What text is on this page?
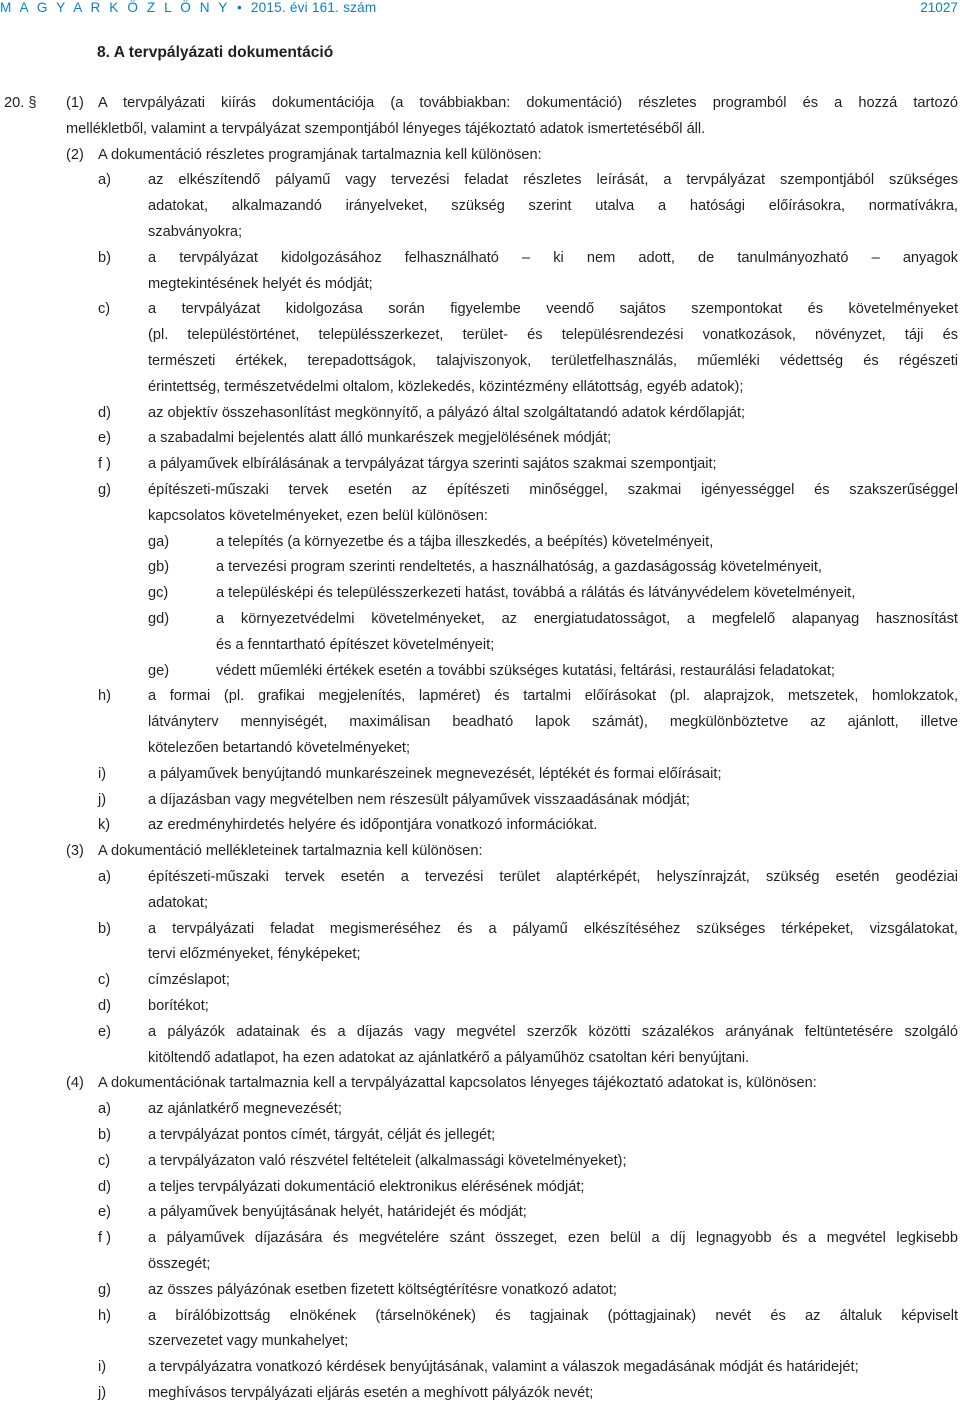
M A G Y A R K Ö Z L Ö N Y • 2015. évi 161. szám	21027
8. A tervpályázati dokumentáció
20. § (1) A tervpályázati kiírás dokumentációja (a továbbiakban: dokumentáció) részletes programból és a hozzá tartozó
mellékletből, valamint a tervpályázat szempontjából lényeges tájékoztató adatok ismertetéséből áll.
(2) A dokumentáció részletes programjának tartalmaznia kell különösen:
a)	az elkészítendő pályamű vagy tervezési feladat részletes leírását, a tervpályázat szempontjából szükséges
adatokat, alkalmazandó irányelveket, szükség szerint utalva a hatósági előírásokra, normatívákra,
szabványokra;
b)	a tervpályázat kidolgozásához felhasználható – ki nem adott, de tanulmányozható – anyagok
megtekintésének helyét és módját;
c)	a tervpályázat kidolgozása során figyelembe veendő sajátos szempontokat és követelményeket
(pl. településtörténet, településszerkezet, terület- és településrendezési vonatkozások, növényzet, táji és
természeti értékek, terepadottságok, talajviszonyok, területfelhasználás, műemléki védettség és régészeti
érintettség, természetvédelmi oltalom, közlekedés, közintézmény ellátottság, egyéb adatok);
d)	az objektív összehasonlítást megkönnyítő, a pályázó által szolgáltatandó adatok kérdőlapját;
e)	a szabadalmi bejelentés alatt álló munkarészek megjelölésének módját;
f )	a pályaművek elbírálásának a tervpályázat tárgya szerinti sajátos szakmai szempontjait;
g)	építészeti-műszaki tervek esetén az építészeti minőséggel, szakmai igényességgel és szakszerűséggel
kapcsolatos követelményeket, ezen belül különösen:
ga)	a telepítés (a környezetbe és a tájba illeszkedés, a beépítés) követelményeit,
gb)	a tervezési program szerinti rendeltetés, a használhatóság, a gazdaságosság követelményeit,
gc)	a településképi és településszerkezeti hatást, továbbá a rálátás és látványvédelem követelményeit,
gd)	a környezetvédelmi követelményeket, az energiatudatosságot, a megfelelő alapanyag hasznosítást
és a fenntartható építészet követelményeit;
ge)	védett műemléki értékek esetén a további szükséges kutatási, feltárási, restaurálási feladatokat;
h)	a formai (pl. grafikai megjelenítés, lapméret) és tartalmi előírásokat (pl. alaprajzok, metszetek, homlokzatok,
látványterv mennyiségét, maximálisan beadható lapok számát), megkülönböztetve az ajánlott, illetve
kötelezően betartandó követelményeket;
i)	a pályaművek benyújtandó munkarészeinek megnevezését, léptékét és formai előírásait;
j)	a díjazásban vagy megvételben nem részesült pályaművek visszaadásának módját;
k)	az eredményhirdetés helyére és időpontjára vonatkozó információkat.
(3) A dokumentáció mellékleteinek tartalmaznia kell különösen:
a)	építészeti-műszaki tervek esetén a tervezési terület alaptérképét, helyszínrajzát, szükség esetén geodéziai
adatokat;
b)	a tervpályázati feladat megismeréséhez és a pályamű elkészítéséhez szükséges térképeket, vizsgálatokat,
tervi előzményeket, fényképeket;
c)	címzéslapot;
d)	borítékot;
e)	a pályázók adatainak és a díjazás vagy megvétel szerzők közötti százalékos arányának feltüntetésére szolgáló
kitöltendő adatlapot, ha ezen adatokat az ajánlatkérő a pályaműhöz csatoltan kéri benyújtani.
(4) A dokumentációnak tartalmaznia kell a tervpályázattal kapcsolatos lényeges tájékoztató adatokat is, különösen:
a)	az ajánlatkérő megnevezését;
b)	a tervpályázat pontos címét, tárgyát, célját és jellegét;
c)	a tervpályázaton való részvétel feltételeit (alkalmassági követelményeket);
d)	a teljes tervpályázati dokumentáció elektronikus elérésének módját;
e)	a pályaművek benyújtásának helyét, határidejét és módját;
f )	a pályaművek díjazására és megvételére szánt összeget, ezen belül a díj legnagyobb és a megvétel legkisebb
összegét;
g)	az összes pályázónak esetben fizetett költségtérítésre vonatkozó adatot;
h)	a bírálóbizottság elnökének (társelnökének) és tagjainak (póttagjainak) nevét és az általuk képviselt
szervezetet vagy munkahelyet;
i)	a tervpályázatra vonatkozó kérdések benyújtásának, valamint a válaszok megadásának módját és határidejét;
j)	meghívásos tervpályázati eljárás esetén a meghívott pályázók nevét;
